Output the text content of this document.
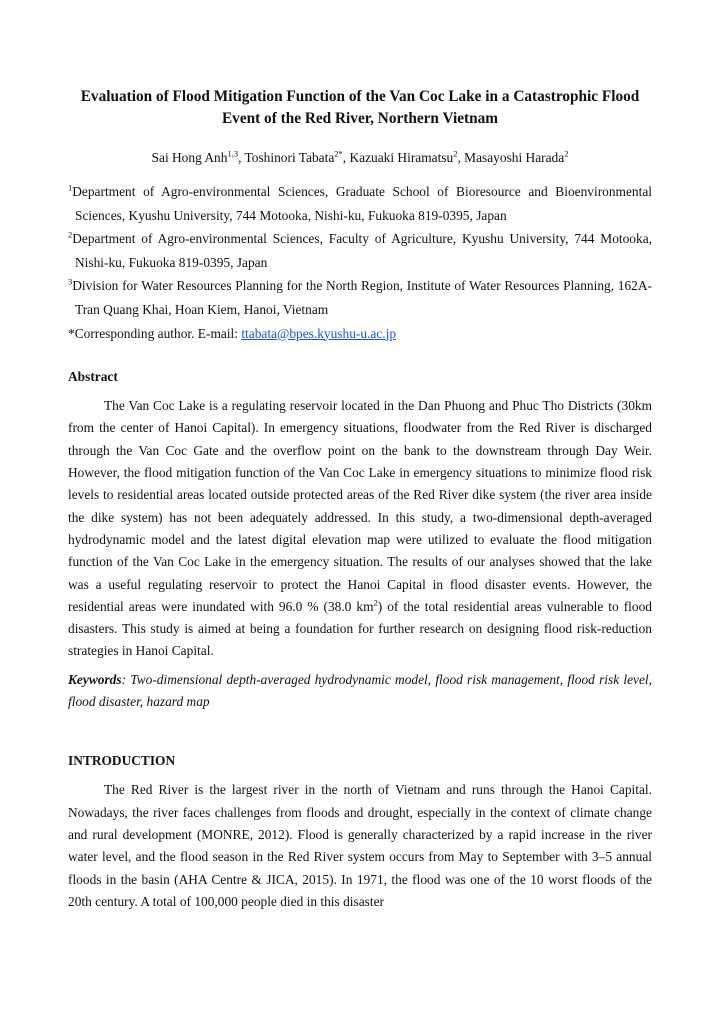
Evaluation of Flood Mitigation Function of the Van Coc Lake in a Catastrophic Flood Event of the Red River, Northern Vietnam
Sai Hong Anh$^{1,3}$, Toshinori Tabata$^{2*}$, Kazuaki Hiramatsu$^2$, Masayoshi Harada$^2$
$^1$Department of Agro-environmental Sciences, Graduate School of Bioresource and Bioenvironmental Sciences, Kyushu University, 744 Motooka, Nishi-ku, Fukuoka 819-0395, Japan
$^2$Department of Agro-environmental Sciences, Faculty of Agriculture, Kyushu University, 744 Motooka, Nishi-ku, Fukuoka 819-0395, Japan
$^3$Division for Water Resources Planning for the North Region, Institute of Water Resources Planning, 162A-Tran Quang Khai, Hoan Kiem, Hanoi, Vietnam
*Corresponding author. E-mail: ttabata@bpes.kyushu-u.ac.jp
Abstract

The Van Coc Lake is a regulating reservoir located in the Dan Phuong and Phuc Tho Districts (30km from the center of Hanoi Capital). In emergency situations, floodwater from the Red River is discharged through the Van Coc Gate and the overflow point on the bank to the downstream through Day Weir. However, the flood mitigation function of the Van Coc Lake in emergency situations to minimize flood risk levels to residential areas located outside protected areas of the Red River dike system (the river area inside the dike system) has not been adequately addressed. In this study, a two-dimensional depth-averaged hydrodynamic model and the latest digital elevation map were utilized to evaluate the flood mitigation function of the Van Coc Lake in the emergency situation. The results of our analyses showed that the lake was a useful regulating reservoir to protect the Hanoi Capital in flood disaster events. However, the residential areas were inundated with 96.0 % (38.0 $km^2$) of the total residential areas vulnerable to flood disasters. This study is aimed at being a foundation for further research on designing flood risk-reduction strategies in Hanoi Capital.

Keywords: Two-dimensional depth-averaged hydrodynamic model, flood risk management, flood risk level, flood disaster, hazard map

INTRODUCTION

The Red River is the largest river in the north of Vietnam and runs through the Hanoi Capital. Nowadays, the river faces challenges from floods and drought, especially in the context of climate change and rural development (MONRE, 2012). Flood is generally characterized by a rapid increase in the river water level, and the flood season in the Red River system occurs from May to September with 3–5 annual floods in the basin (AHA Centre & JICA, 2015). In 1971, the flood was one of the 10 worst floods of the 20th century. A total of 100,000 people died in this disaster
